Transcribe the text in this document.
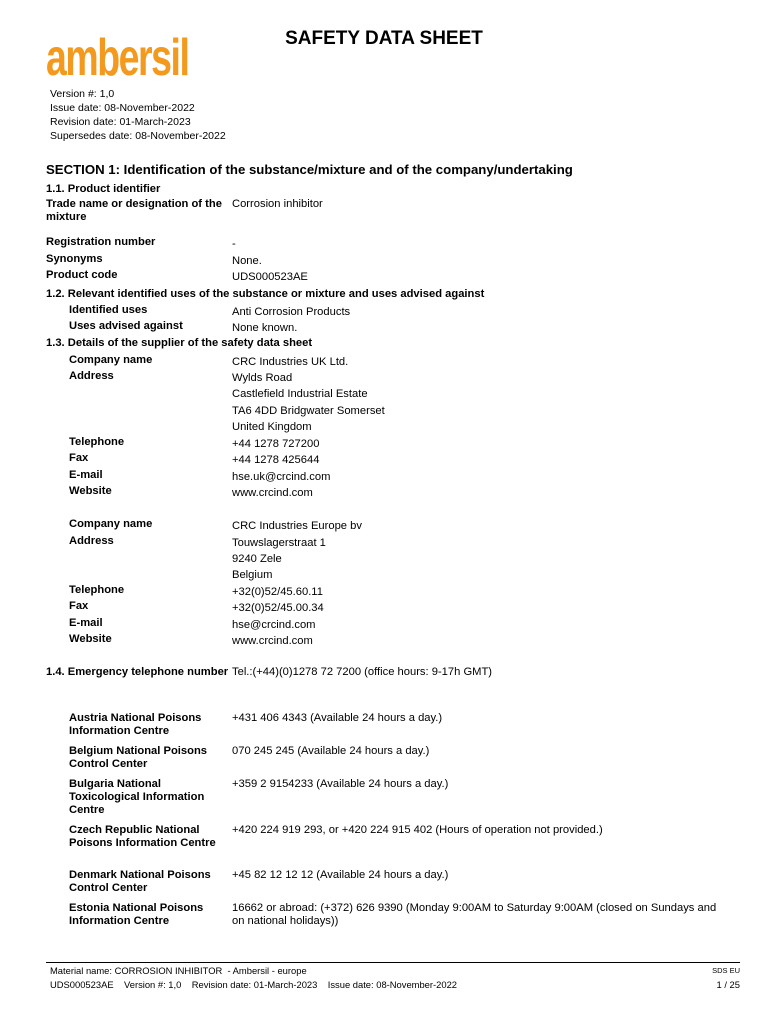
ambersil	SAFETY DATA SHEET
Version #: 1,0
Issue date: 08-November-2022
Revision date: 01-March-2023
Supersedes date: 08-November-2022
SECTION 1: Identification of the substance/mixture and of the company/undertaking
1.1. Product identifier
Trade name or designation of the mixture
Corrosion inhibitor
Registration number	-
Synonyms	None.
Product code	UDS000523AE
1.2. Relevant identified uses of the substance or mixture and uses advised against
Identified uses	Anti Corrosion Products
Uses advised against	None known.
1.3. Details of the supplier of the safety data sheet
Company name	CRC Industries UK Ltd.
Address	Wylds Road
Castlefield Industrial Estate
TA6 4DD Bridgwater Somerset
United Kingdom
Telephone	+44 1278 727200
Fax	+44 1278 425644
E-mail	hse.uk@crcind.com
Website	www.crcind.com
Company name	CRC Industries Europe bv
Address	Touwslagerstraat 1
9240 Zele
Belgium
Telephone	+32(0)52/45.60.11
Fax	+32(0)52/45.00.34
E-mail	hse@crcind.com
Website	www.crcind.com
1.4. Emergency telephone number Tel.:(+44)(0)1278 72 7200 (office hours: 9-17h GMT)
Austria National Poisons Information Centre
+431 406 4343 (Available 24 hours a day.)
Belgium National Poisons Control Center
070 245 245 (Available 24 hours a day.)
Bulgaria National Toxicological Information Centre
+359 2 9154233 (Available 24 hours a day.)
Czech Republic National Poisons Information Centre
+420 224 919 293, or +420 224 915 402 (Hours of operation not provided.)
Denmark National Poisons Control Center
+45 82 12 12 12 (Available 24 hours a day.)
Estonia National Poisons Information Centre
16662 or abroad: (+372) 626 9390 (Monday 9:00AM to Saturday 9:00AM (closed on Sundays and on national holidays))
Material name: CORROSION INHIBITOR  - Ambersil - europe
UDS000523AE    Version #: 1,0    Revision date: 01-March-2023    Issue date: 08-November-2022
SDS EU
1 / 25
